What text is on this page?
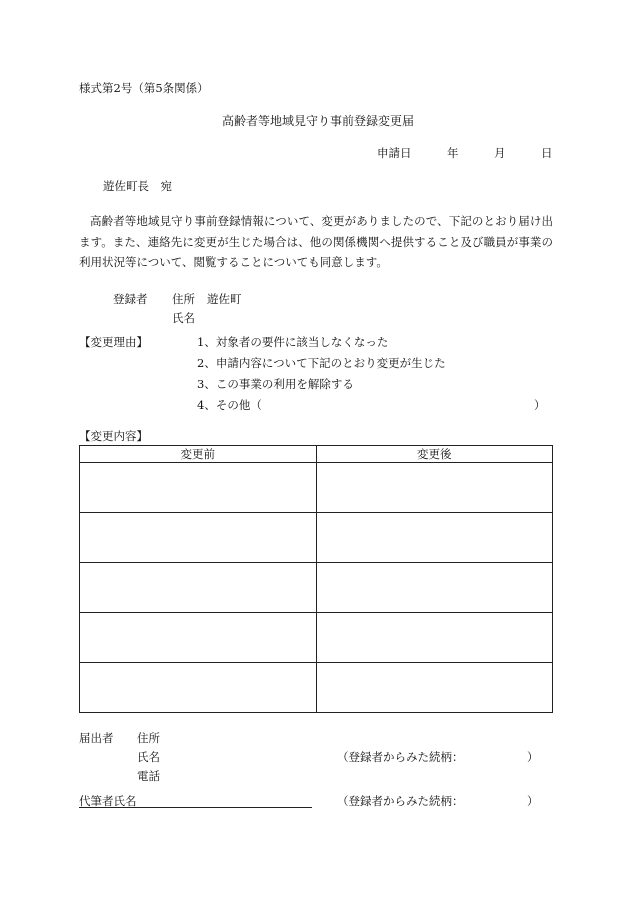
様式第2号（第5条関係）
高齢者等地域見守り事前登録変更届
申請日	年	月	日
遊佐町長　宛
高齢者等地域見守り事前登録情報について、変更がありましたので、下記のとおり届け出ます。また、連絡先に変更が生じた場合は、他の関係機関へ提供すること及び職員が事業の利用状況等について、閲覧することについても同意します。
登録者 住所 遊佐町
氏名
【変更理由】	1、対象者の要件に該当しなくなった
2、申請内容について下記のとおり変更が生じた
3、この事業の利用を解除する
4、その他（	）
【変更内容】
変更前	変更後

届出者 住所
氏名	（登録者からみた続柄：	）
電話
代筆者氏名	（登録者からみた続柄：	）
